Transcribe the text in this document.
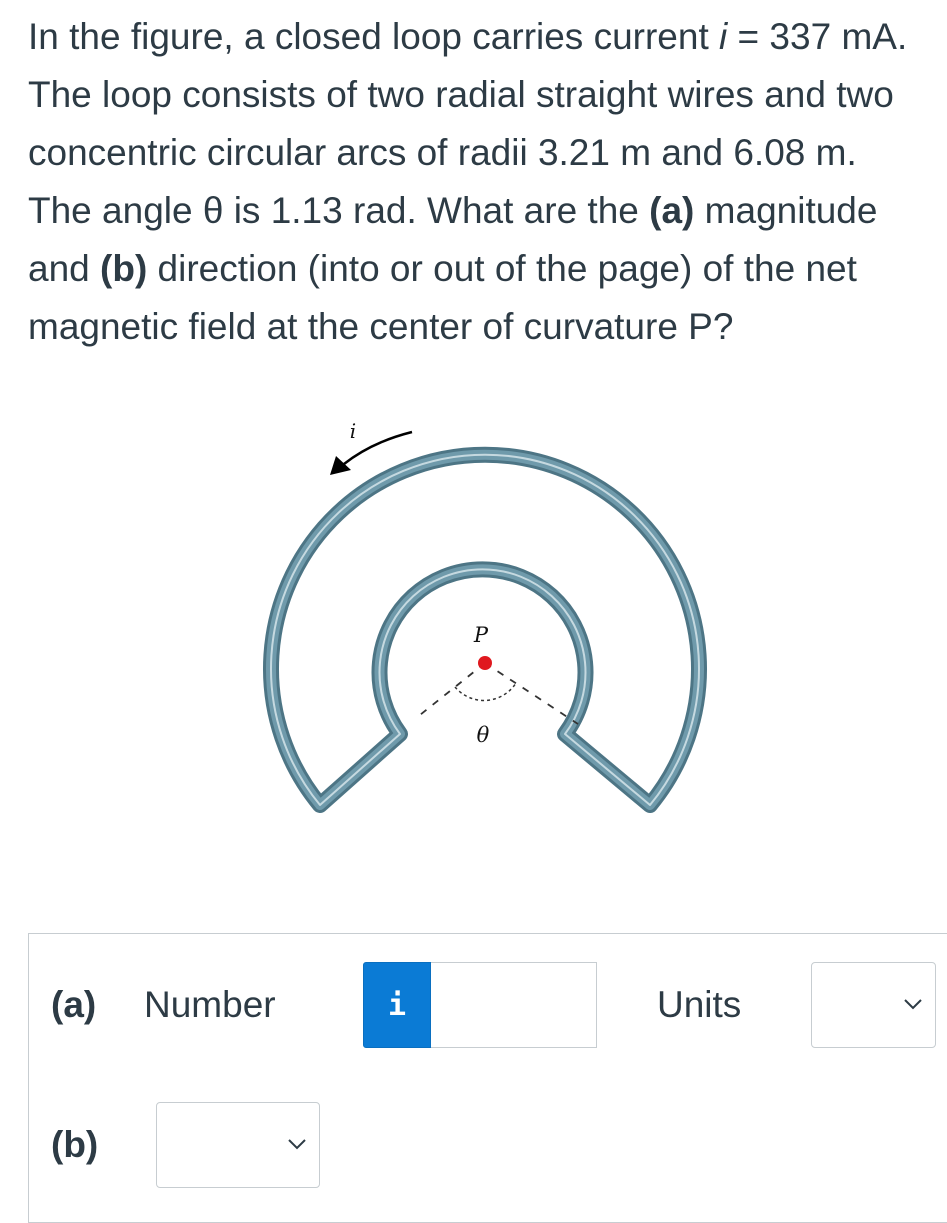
In the figure, a closed loop carries current i = 337 mA. The loop consists of two radial straight wires and two concentric circular arcs of radii 3.21 m and 6.08 m. The angle θ is 1.13 rad. What are the (a) magnitude and (b) direction (into or out of the page) of the net magnetic field at the center of curvature P?

P
θ
i
(a) Number	i	Units
(b)
